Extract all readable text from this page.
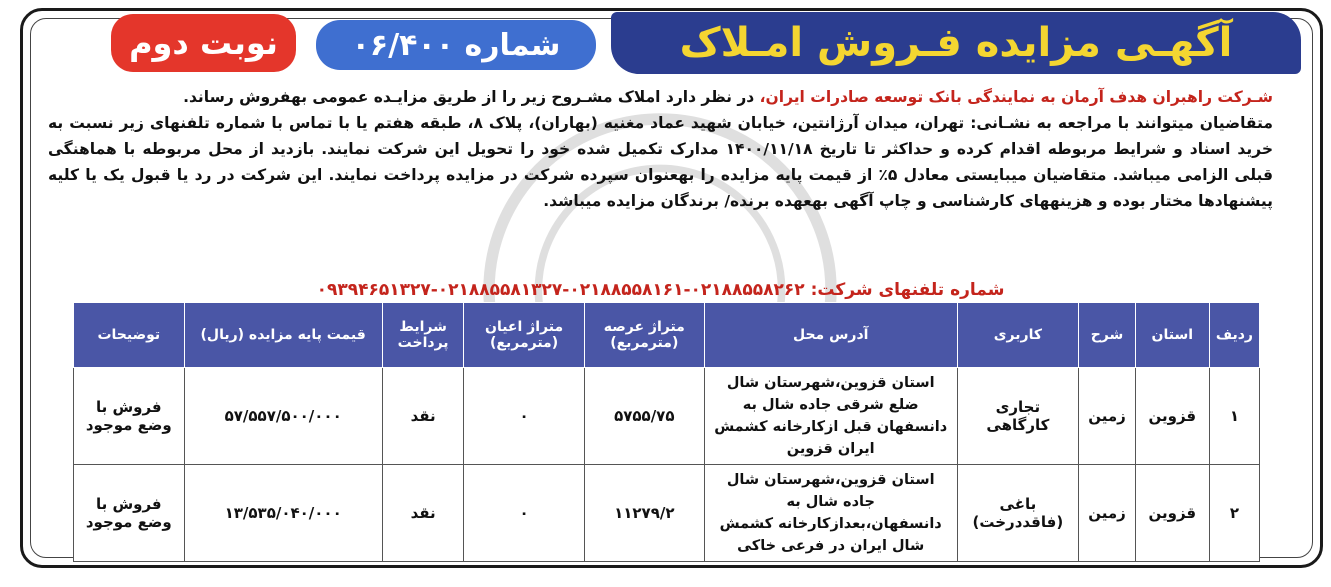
آگهـی مزایده فـروش امـلاک
شماره ۰۶/۴۰۰
نوبت دوم
شـرکت راهبران هدف آرمان به نمایندگی بانک توسعه صادرات ایران، در نظر دارد املاک مشـروح زیر را از طریق مزایـده عمومی بهفروش رساند.
متقاضیان میتوانند با مراجعه به نشـانی: تهران، میدان آرژانتین، خیابان شهید عماد مغنیه (بهاران)، پلاک ۸، طبقه هفتم یا با تماس با شماره تلفنهای زیر نسبت به خرید اسناد و شرایط مربوطه اقدام کرده و حداکثر تا تاریخ ۱۴۰۰/۱۱/۱۸ مدارک تکمیل شده خود را تحویل این شرکت نمایند. بازدید از محل مربوطه با هماهنگی قبلی الزامی میباشد. متقاضیان میبایستی معادل ۵٪ از قیمت پایه مزایده را بهعنوان سپرده شرکت در مزایده پرداخت نمایند. این شرکت در رد یا قبول یک یا کلیه پیشنهادها مختار بوده و هزینههای کارشناسی و چاپ آگهی بهعهده برنده/ برندگان مزایده میباشد.
شماره تلفنهای شرکت: ۰۲۱۸۸۵۵۸۲۶۲-۰۲۱۸۸۵۵۸۱۶۱-۰۲۱۸۸۵۵۸۱۳۲۷-۰۹۳۹۴۶۵۱۳۲۷
ردیف	استان	شرح	کاربری	آدرس محل	متراژ عرصه (مترمربع)	متراژ اعیان (مترمربع)	شرایط پرداخت	قیمت پایه مزایده (ریال)	توضیحات
۱	قزوین	زمین	تجاری کارگاهی	استان قزوین،شهرستان شال ضلع شرقی جاده شال به دانسفهان قبل ازکارخانه کشمش ایران قزوین	۵۷۵۵/۷۵	۰	نقد	۵۷/۵۵۷/۵۰۰/۰۰۰	فروش با وضع موجود
۲	قزوین	زمین	باغی (فاقددرخت)	استان قزوین،شهرستان شال جاده شال به دانسفهان،بعدازکارخانه کشمش شال ایران در فرعی خاکی	۱۱۲۷۹/۲	۰	نقد	۱۳/۵۳۵/۰۴۰/۰۰۰	فروش با وضع موجود
